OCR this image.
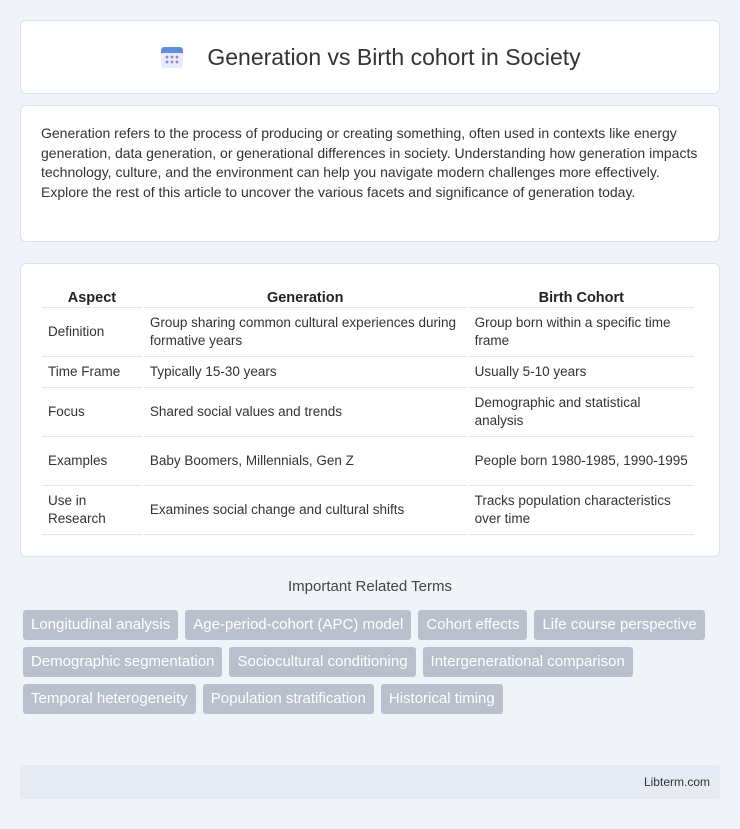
Generation vs Birth cohort in Society

Generation refers to the process of producing or creating something, often used in contexts like energy generation, data generation, or generational differences in society. Understanding how generation impacts technology, culture, and the environment can help you navigate modern challenges more effectively. Explore the rest of this article to uncover the various facets and significance of generation today.

Aspect	Generation	Birth Cohort
Definition	Group sharing common cultural experiences during formative years	Group born within a specific time frame
Time Frame	Typically 15-30 years	Usually 5-10 years
Focus	Shared social values and trends	Demographic and statistical analysis
Examples	Baby Boomers, Millennials, Gen Z	People born 1980-1985, 1990-1995
Use in Research	Examines social change and cultural shifts	Tracks population characteristics over time
Important Related Terms
Longitudinal analysis	Age-period-cohort (APC) model	Cohort effects	Life course perspective
Demographic segmentation	Sociocultural conditioning	Intergenerational comparison
Temporal heterogeneity	Population stratification	Historical timing
Libterm.com
